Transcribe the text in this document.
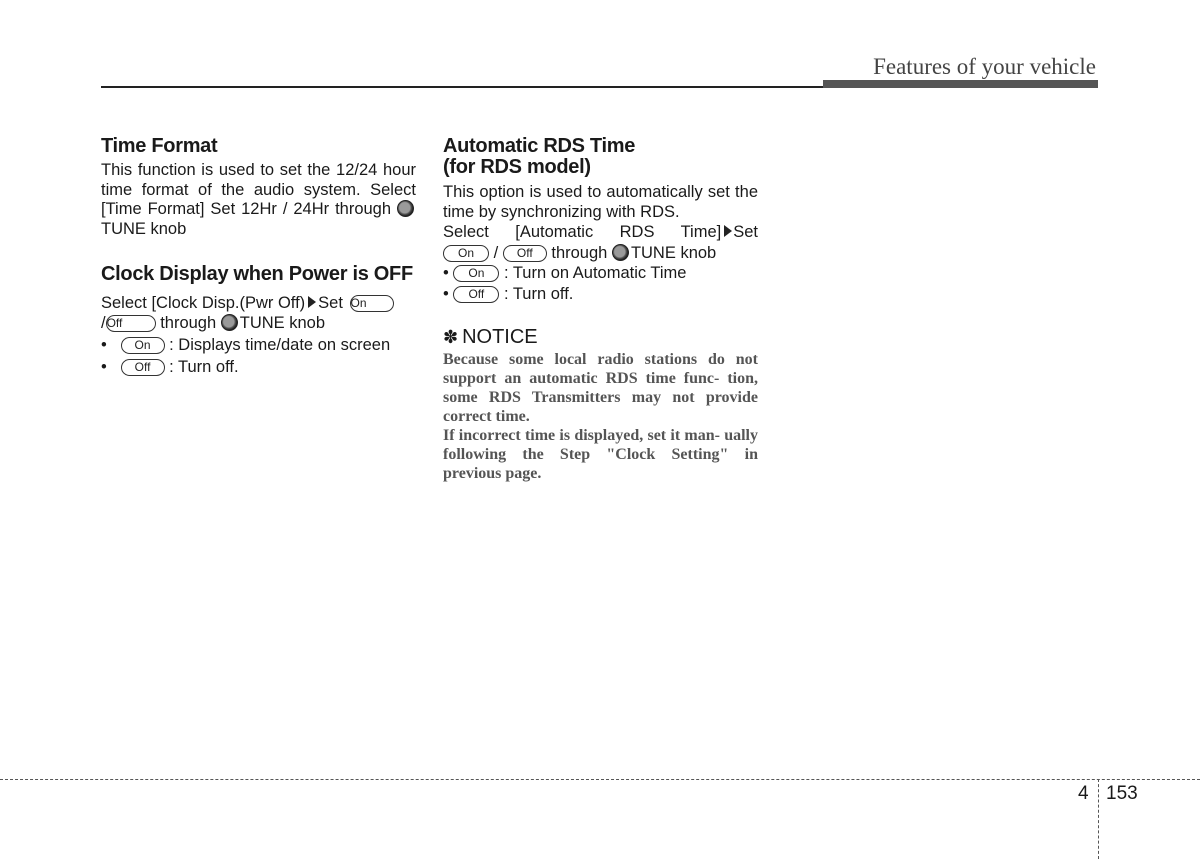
Features of your vehicle
Time Format

This function is used to set the 12/24 hour time format of the audio system. Select [Time Format] Set 12Hr / 24Hr through TUNE knob

Clock Display when Power is OFF

Select [Clock Disp.(Pwr Off) Set On
/Off through TUNE knob

• On : Displays time/date on screen

• Off : Turn off.

Automatic RDS Time
(for RDS model)

This option is used to automatically set the time by synchronizing with RDS.

Select [Automatic RDS Time] Set

On / Off through TUNE knob

• On : Turn on Automatic Time

• Off : Turn off.

✽ NOTICE

Because some local radio stations do not support an automatic RDS time func- tion, some RDS Transmitters may not provide correct time.

If incorrect time is displayed, set it man- ually following the Step "Clock Setting" in previous page.

4 153
